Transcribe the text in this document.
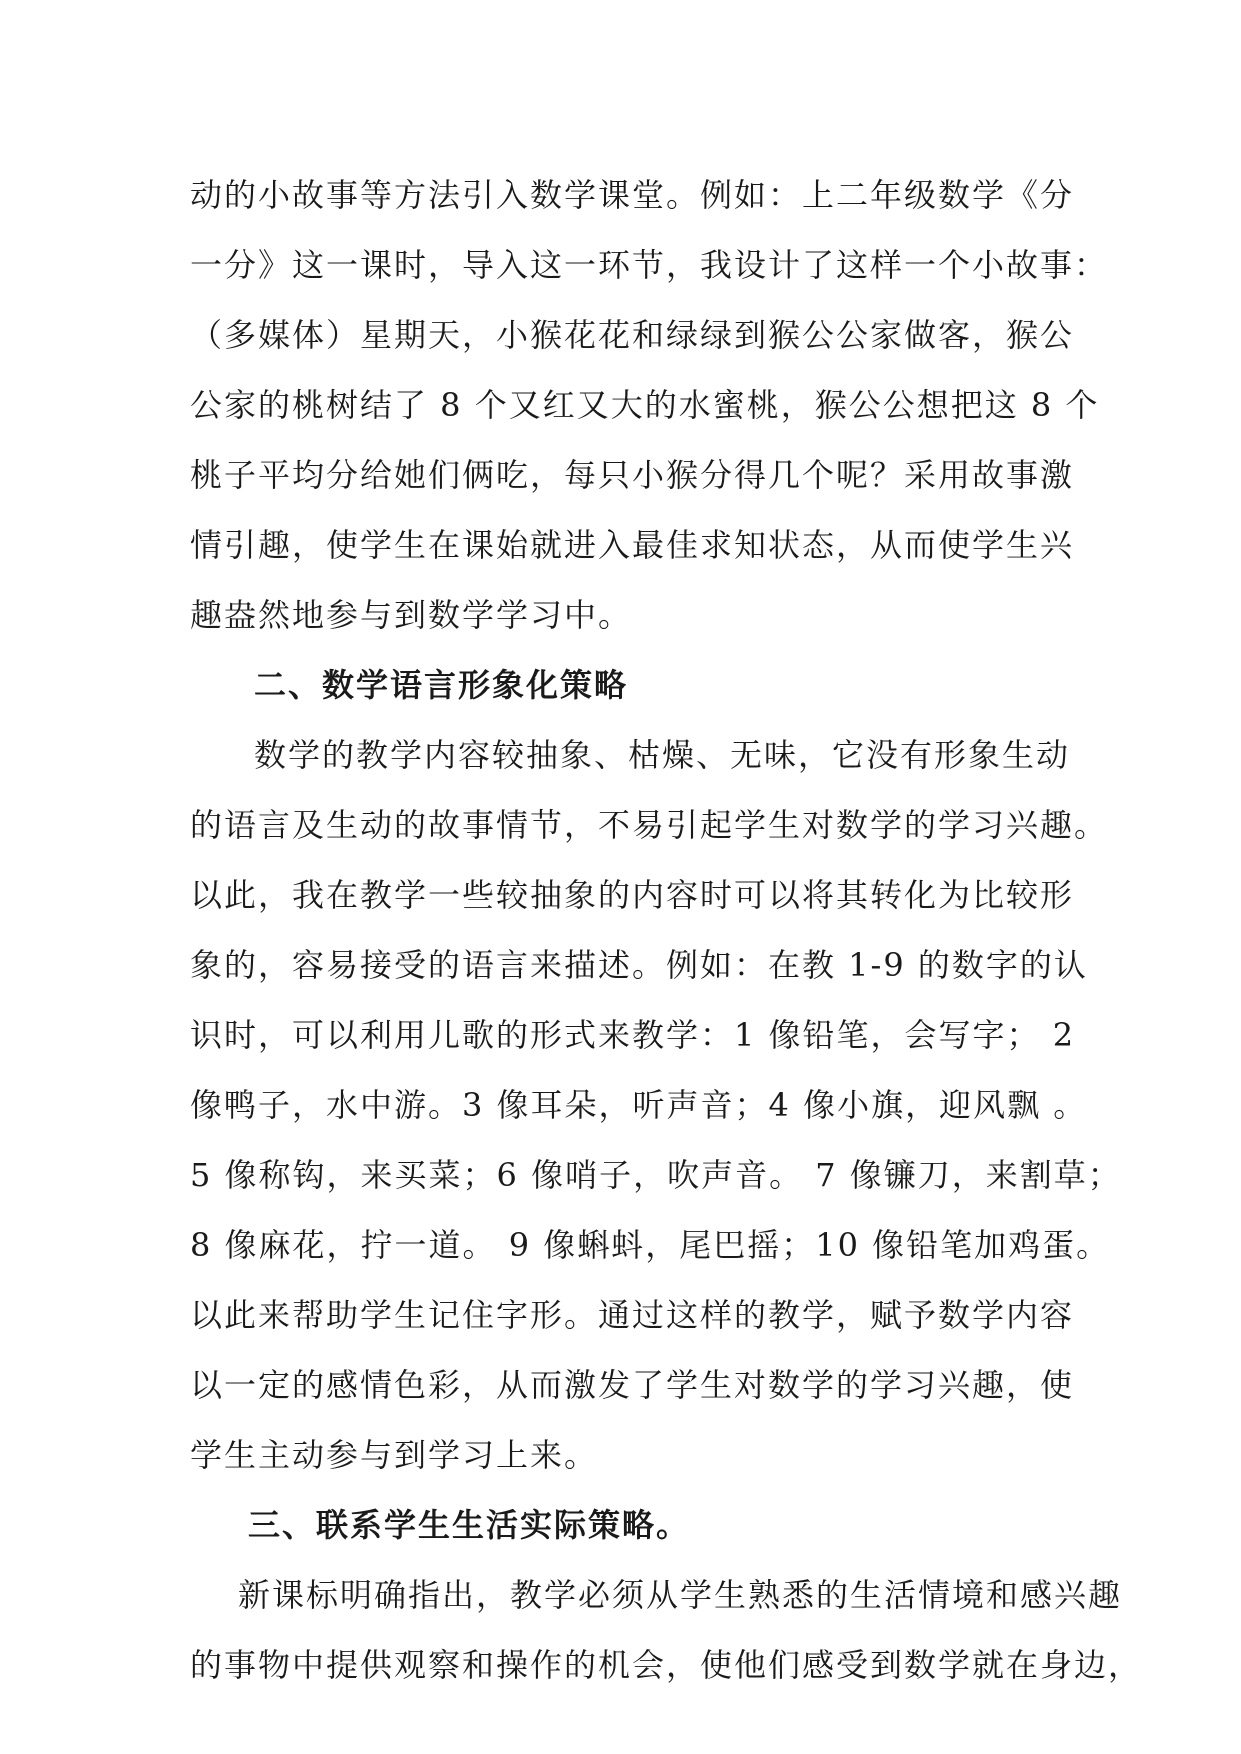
动的小故事等方法引入数学课堂。例如：上二年级数学《分
一分》这一课时，导入这一环节，我设计了这样一个小故事：
（多媒体）星期天，小猴花花和绿绿到猴公公家做客，猴公
公家的桃树结了 8 个又红又大的水蜜桃，猴公公想把这 8 个
桃子平均分给她们俩吃，每只小猴分得几个呢？采用故事激
情引趣，使学生在课始就进入最佳求知状态，从而使学生兴
趣盎然地参与到数学学习中。
二、数学语言形象化策略
数学的教学内容较抽象、枯燥、无味，它没有形象生动
的语言及生动的故事情节，不易引起学生对数学的学习兴趣。
以此，我在教学一些较抽象的内容时可以将其转化为比较形
象的，容易接受的语言来描述。例如：在教 1-9 的数字的认
识时，可以利用儿歌的形式来教学：1 像铅笔，会写字； 2
像鸭子，水中游。3 像耳朵，听声音；4 像小旗，迎风飘 。
5 像称钩，来买菜；6 像哨子，吹声音。 7 像镰刀，来割草；
8 像麻花，拧一道。 9 像蝌蚪，尾巴摇；10 像铅笔加鸡蛋。
以此来帮助学生记住字形。通过这样的教学，赋予数学内容
以一定的感情色彩，从而激发了学生对数学的学习兴趣，使
学生主动参与到学习上来。
三、联系学生生活实际策略。
新课标明确指出，教学必须从学生熟悉的生活情境和感兴趣
的事物中提供观察和操作的机会，使他们感受到数学就在身边，
